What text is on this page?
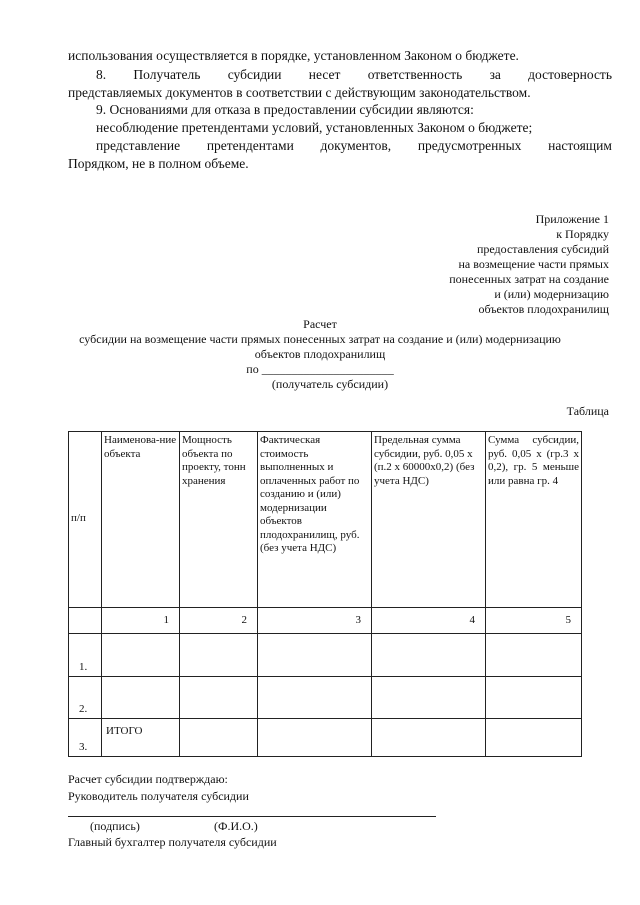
использования осуществляется в порядке, установленном Законом о бюджете.
8. Получатель субсидии несет ответственность за достоверность
представляемых документов в соответствии с действующим законодательством.
9. Основаниями для отказа в предоставлении субсидии являются:
несоблюдение претендентами условий, установленных Законом о бюджете;
представление претендентами документов, предусмотренных настоящим
Порядком, не в полном объеме.
Приложение 1
к Порядку
предоставления субсидий
на возмещение части прямых
понесенных затрат на создание
и (или) модернизацию
объектов плодохранилищ
Расчет
субсидии на возмещение части прямых понесенных затрат на создание и (или) модернизацию
объектов плодохранилищ
по ______________________
(получатель субсидии)
Таблица
п/п	Наименова-ние объекта	Мощность объекта по проекту, тонн хранения	Фактическая стоимость выполненных и оплаченных работ по созданию и (или) модернизации объектов плодохранилищ, руб. (без учета НДС)	Предельная сумма субсидии, руб. 0,05 х (п.2 х 60000х0,2) (без учета НДС)	Сумма субсидии, руб. 0,05 х (гр.3 х 0,2), гр. 5 меньше или равна гр. 4
	1	2	3	4	5
1.					
2.					
3.	ИТОГО				
Расчет субсидии подтверждаю:
Руководитель получателя субсидии
(подпись)	(Ф.И.О.)
Главный бухгалтер получателя субсидии
